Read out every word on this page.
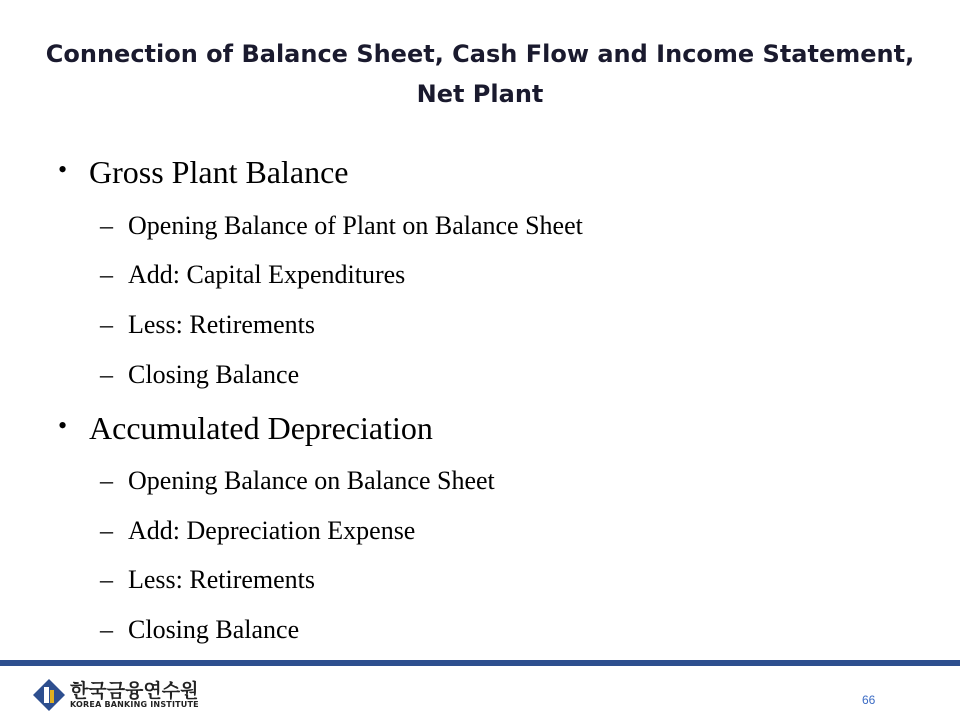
Connection of Balance Sheet, Cash Flow and Income Statement, Net Plant
• Gross Plant Balance
– Opening Balance of Plant on Balance Sheet
– Add: Capital Expenditures
– Less: Retirements
– Closing Balance
• Accumulated Depreciation
– Opening Balance on Balance Sheet
– Add: Depreciation Expense
– Less: Retirements
– Closing Balance
한국금융연수원
KOREA BANKING INSTITUTE	66
